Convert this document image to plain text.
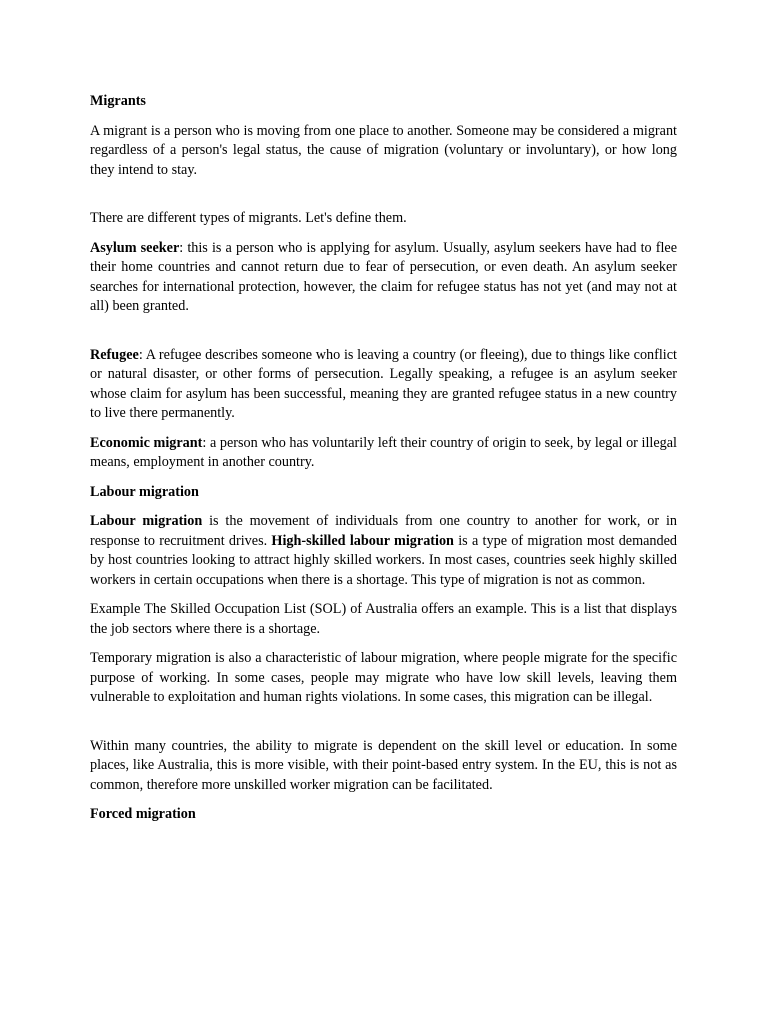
Migrants

A migrant is a person who is moving from one place to another. Someone may be considered a migrant regardless of a person's legal status, the cause of migration (voluntary or involuntary), or how long they intend to stay.

There are different types of migrants. Let's define them.

Asylum seeker: this is a person who is applying for asylum. Usually, asylum seekers have had to flee their home countries and cannot return due to fear of persecution, or even death. An asylum seeker searches for international protection, however, the claim for refugee status has not yet (and may not at all) been granted.

Refugee: A refugee describes someone who is leaving a country (or fleeing), due to things like conflict or natural disaster, or other forms of persecution. Legally speaking, a refugee is an asylum seeker whose claim for asylum has been successful, meaning they are granted refugee status in a new country to live there permanently.

Economic migrant: a person who has voluntarily left their country of origin to seek, by legal or illegal means, employment in another country.

Labour migration

Labour migration is the movement of individuals from one country to another for work, or in response to recruitment drives. High-skilled labour migration is a type of migration most demanded by host countries looking to attract highly skilled workers. In most cases, countries seek highly skilled workers in certain occupations when there is a shortage. This type of migration is not as common.

Example The Skilled Occupation List (SOL) of Australia offers an example. This is a list that displays the job sectors where there is a shortage.

Temporary migration is also a characteristic of labour migration, where people migrate for the specific purpose of working. In some cases, people may migrate who have low skill levels, leaving them vulnerable to exploitation and human rights violations. In some cases, this migration can be illegal.

Within many countries, the ability to migrate is dependent on the skill level or education. In some places, like Australia, this is more visible, with their point-based entry system. In the EU, this is not as common, therefore more unskilled worker migration can be facilitated.

Forced migration
